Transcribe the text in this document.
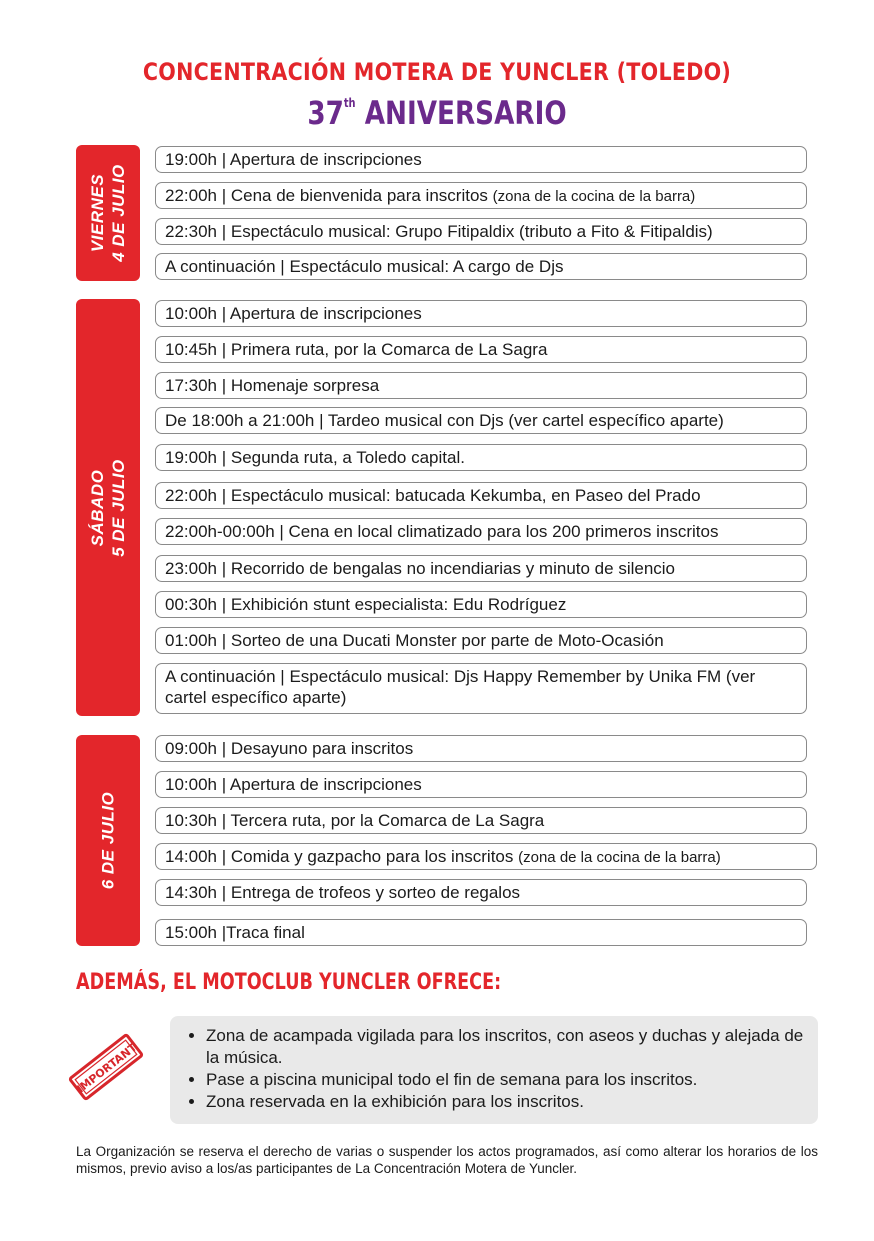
CONCENTRACIÓN MOTERA DE YUNCLER (TOLEDO)
37th ANIVERSARIO
VIERNES 4 DE JULIO
19:00h | Apertura de inscripciones
22:00h | Cena de bienvenida para inscritos (zona de la cocina de la barra)
22:30h | Espectáculo musical: Grupo Fitipaldix (tributo a Fito & Fitipaldis)
A continuación | Espectáculo musical: A cargo de Djs
SÁBADO 5 DE JULIO
10:00h | Apertura de inscripciones
10:45h | Primera ruta, por la Comarca de La Sagra
17:30h | Homenaje sorpresa
De 18:00h a 21:00h | Tardeo musical con Djs (ver cartel específico aparte)
19:00h | Segunda ruta, a Toledo capital.
22:00h | Espectáculo musical: batucada Kekumba, en Paseo del Prado
22:00h-00:00h | Cena en local climatizado para los 200 primeros inscritos
23:00h | Recorrido de bengalas no incendiarias y minuto de silencio
00:30h | Exhibición stunt especialista: Edu Rodríguez
01:00h | Sorteo de una Ducati Monster por parte de Moto-Ocasión
A continuación | Espectáculo musical: Djs Happy Remember by Unika FM (ver cartel específico aparte)
6 DE JULIO
09:00h | Desayuno para inscritos
10:00h | Apertura de inscripciones
10:30h | Tercera ruta, por la Comarca de La Sagra
14:00h | Comida y gazpacho para los inscritos (zona de la cocina de la barra)
14:30h | Entrega de trofeos y sorteo de regalos
15:00h |Traca final
ADEMÁS, EL MOTOCLUB YUNCLER OFRECE:
IMPORTANT
• Zona de acampada vigilada para los inscritos, con aseos y duchas y alejada de la música.
• Pase a piscina municipal todo el fin de semana para los inscritos.
• Zona reservada en la exhibición para los inscritos.
La Organización se reserva el derecho de varias o suspender los actos programados, así como alterar los horarios de los mismos, previo aviso a los/as participantes de La Concentración Motera de Yuncler.
